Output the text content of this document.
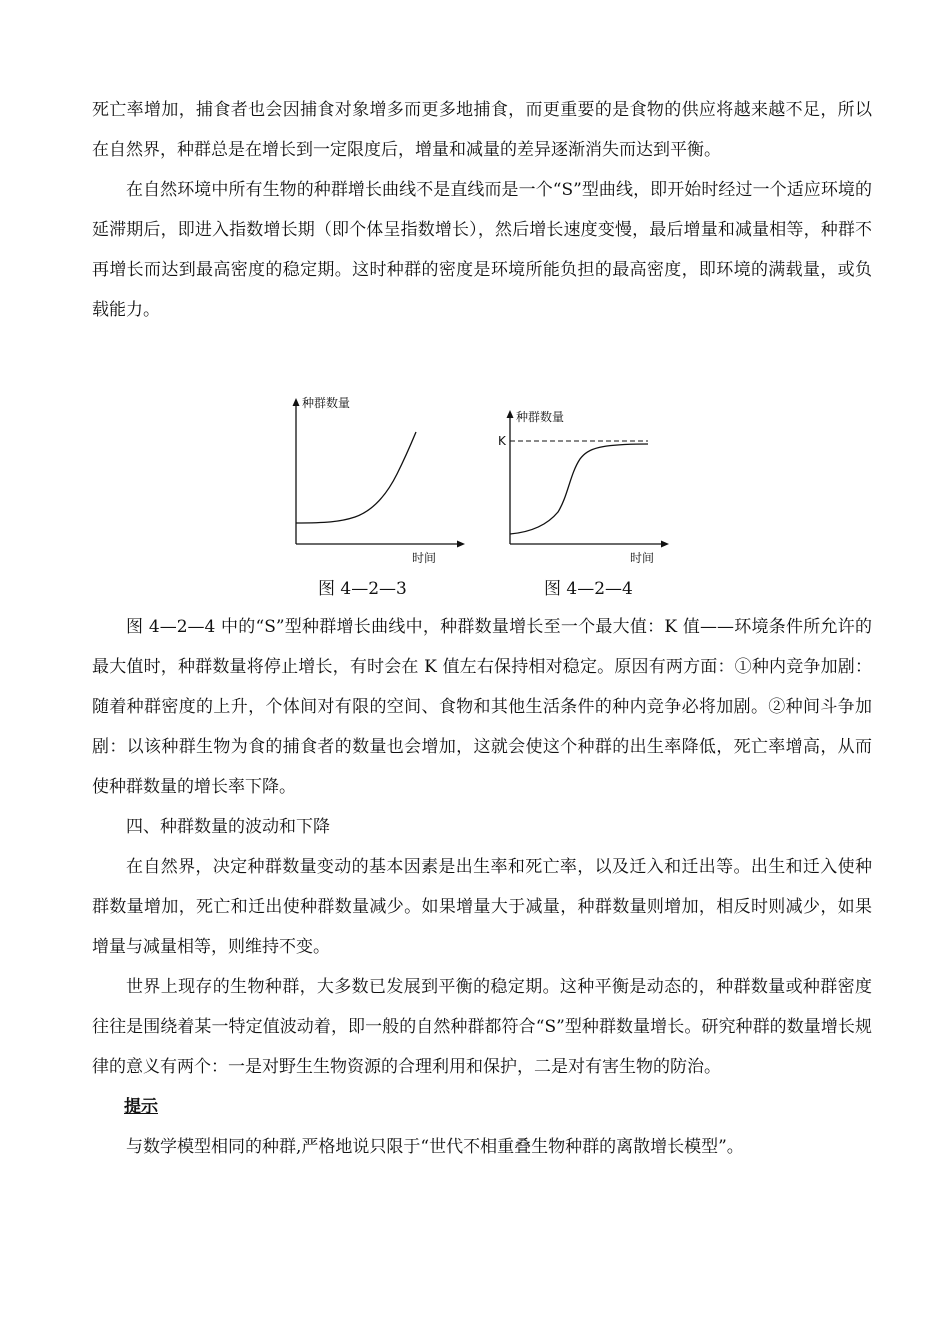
死亡率增加，捕食者也会因捕食对象增多而更多地捕食，而更重要的是食物的供应将越来越不足，所以在自然界，种群总是在增长到一定限度后，增量和减量的差异逐渐消失而达到平衡。

在自然环境中所有生物的种群增长曲线不是直线而是一个“S”型曲线，即开始时经过一个适应环境的延滞期后，即进入指数增长期（即个体呈指数增长），然后增长速度变慢，最后增量和减量相等，种群不再增长而达到最高密度的稳定期。这时种群的密度是环境所能负担的最高密度，即环境的满载量，或负载能力。

种群数量
时间
图 4—2—3
种群数量
时间
K
图 4—2—4

图 4—2—4 中的“S”型种群增长曲线中，种群数量增长至一个最大值：K 值——环境条件所允许的最大值时，种群数量将停止增长，有时会在 K 值左右保持相对稳定。原因有两方面：①种内竞争加剧：随着种群密度的上升，个体间对有限的空间、食物和其他生活条件的种内竞争必将加剧。②种间斗争加剧：以该种群生物为食的捕食者的数量也会增加，这就会使这个种群的出生率降低，死亡率增高，从而使种群数量的增长率下降。

四、种群数量的波动和下降

在自然界，决定种群数量变动的基本因素是出生率和死亡率，以及迁入和迁出等。出生和迁入使种群数量增加，死亡和迁出使种群数量减少。如果增量大于减量，种群数量则增加，相反时则减少，如果增量与减量相等，则维持不变。

世界上现存的生物种群，大多数已发展到平衡的稳定期。这种平衡是动态的，种群数量或种群密度往往是围绕着某一特定值波动着，即一般的自然种群都符合“S”型种群数量增长。研究种群的数量增长规律的意义有两个：一是对野生生物资源的合理利用和保护，二是对有害生物的防治。

提示

与数学模型相同的种群,严格地说只限于“世代不相重叠生物种群的离散增长模型”。
